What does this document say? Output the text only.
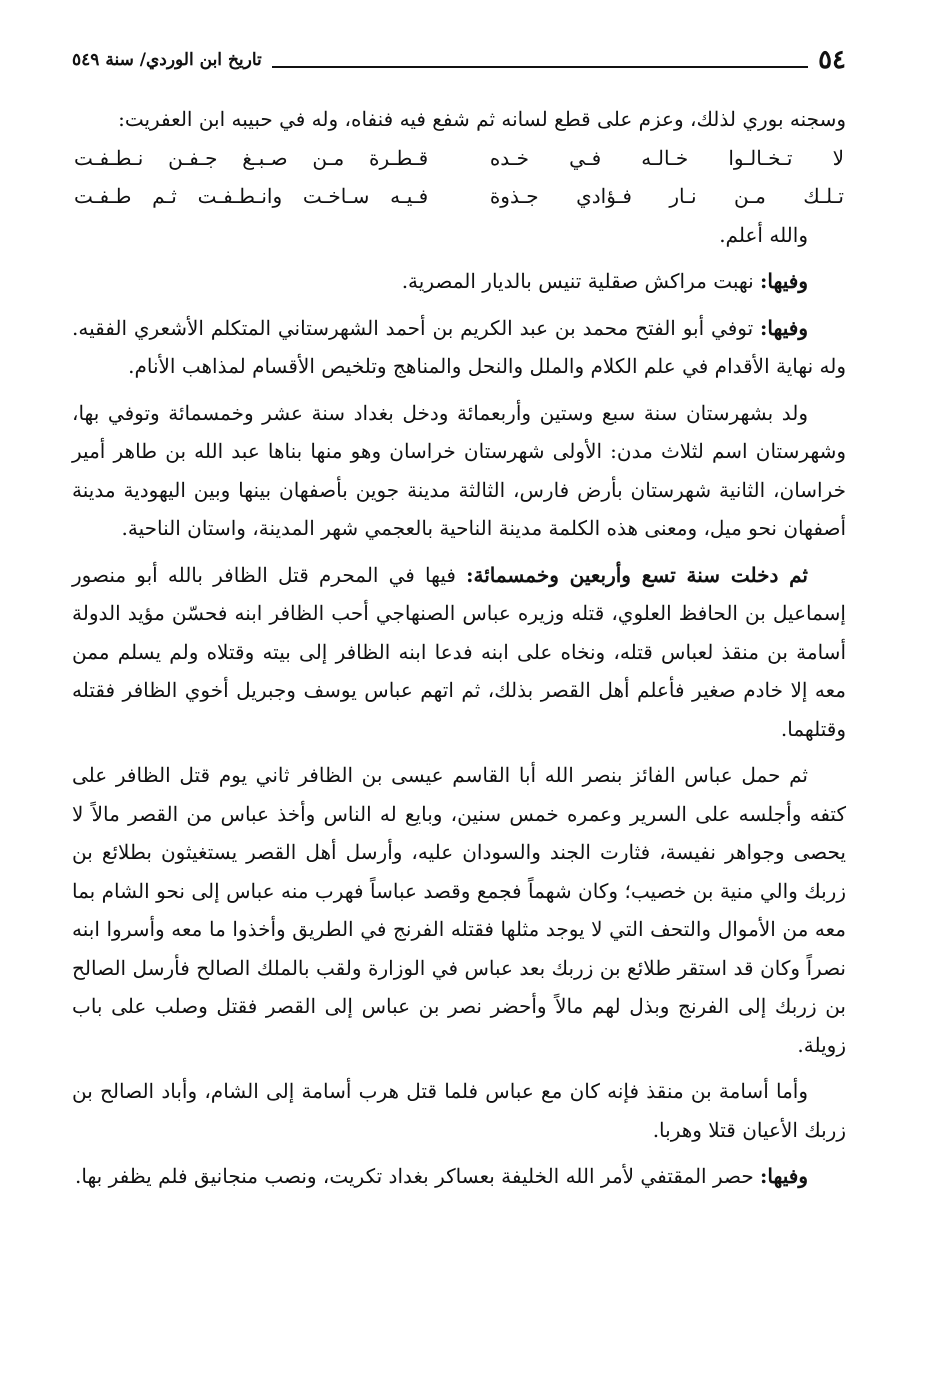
٥٤
تاريخ ابن الوردي/ سنة ٥٤٩

وسجنه بوري لذلك، وعزم على قطع لسانه ثم شفع فيه فنفاه، وله في حبيبه ابن العفريت:

لا تـخـالـوا خـالـه فـي خـده
قـطـرة مـن صـبـغ جـفـن نـطـفـت
تـلـك مـن نـار فـؤادي جـذوة
فـيـه سـاخـت وانـطـفـت ثـم طـفـت

والله أعلم.

وفيها: نهبت مراكش صقلية تنيس بالديار المصرية.

وفيها: توفي أبو الفتح محمد بن عبد الكريم بن أحمد الشهرستاني المتكلم الأشعري الفقيه. وله نهاية الأقدام في علم الكلام والملل والنحل والمناهج وتلخيص الأقسام لمذاهب الأنام.

ولد بشهرستان سنة سبع وستين وأربعمائة ودخل بغداد سنة عشر وخمسمائة وتوفي بها، وشهرستان اسم لثلاث مدن: الأولى شهرستان خراسان وهو منها بناها عبد الله بن طاهر أمير خراسان، الثانية شهرستان بأرض فارس، الثالثة مدينة جوين بأصفهان بينها وبين اليهودية مدينة أصفهان نحو ميل، ومعنى هذه الكلمة مدينة الناحية بالعجمي شهر المدينة، واستان الناحية.

ثم دخلت سنة تسع وأربعين وخمسمائة: فيها في المحرم قتل الظافر بالله أبو منصور إسماعيل بن الحافظ العلوي، قتله وزيره عباس الصنهاجي أحب الظافر ابنه فحسّن مؤيد الدولة أسامة بن منقذ لعباس قتله، ونخاه على ابنه فدعا ابنه الظافر إلى بيته وقتلاه ولم يسلم ممن معه إلا خادم صغير فأعلم أهل القصر بذلك، ثم اتهم عباس يوسف وجبريل أخوي الظافر فقتله وقتلهما.

ثم حمل عباس الفائز بنصر الله أبا القاسم عيسى بن الظافر ثاني يوم قتل الظافر على كتفه وأجلسه على السرير وعمره خمس سنين، وبايع له الناس وأخذ عباس من القصر مالاً لا يحصى وجواهر نفيسة، فثارت الجند والسودان عليه، وأرسل أهل القصر يستغيثون بطلائع بن زربك والي منية بن خصيب؛ وكان شهماً فجمع وقصد عباساً فهرب منه عباس إلى نحو الشام بما معه من الأموال والتحف التي لا يوجد مثلها فقتله الفرنج في الطريق وأخذوا ما معه وأسروا ابنه نصراً وكان قد استقر طلائع بن زربك بعد عباس في الوزارة ولقب بالملك الصالح فأرسل الصالح بن زربك إلى الفرنج وبذل لهم مالاً وأحضر نصر بن عباس إلى القصر فقتل وصلب على باب زويلة.

وأما أسامة بن منقذ فإنه كان مع عباس فلما قتل هرب أسامة إلى الشام، وأباد الصالح بن زربك الأعيان قتلا وهربا.

وفيها: حصر المقتفي لأمر الله الخليفة بعساكر بغداد تكريت، ونصب منجانيق فلم يظفر بها.
